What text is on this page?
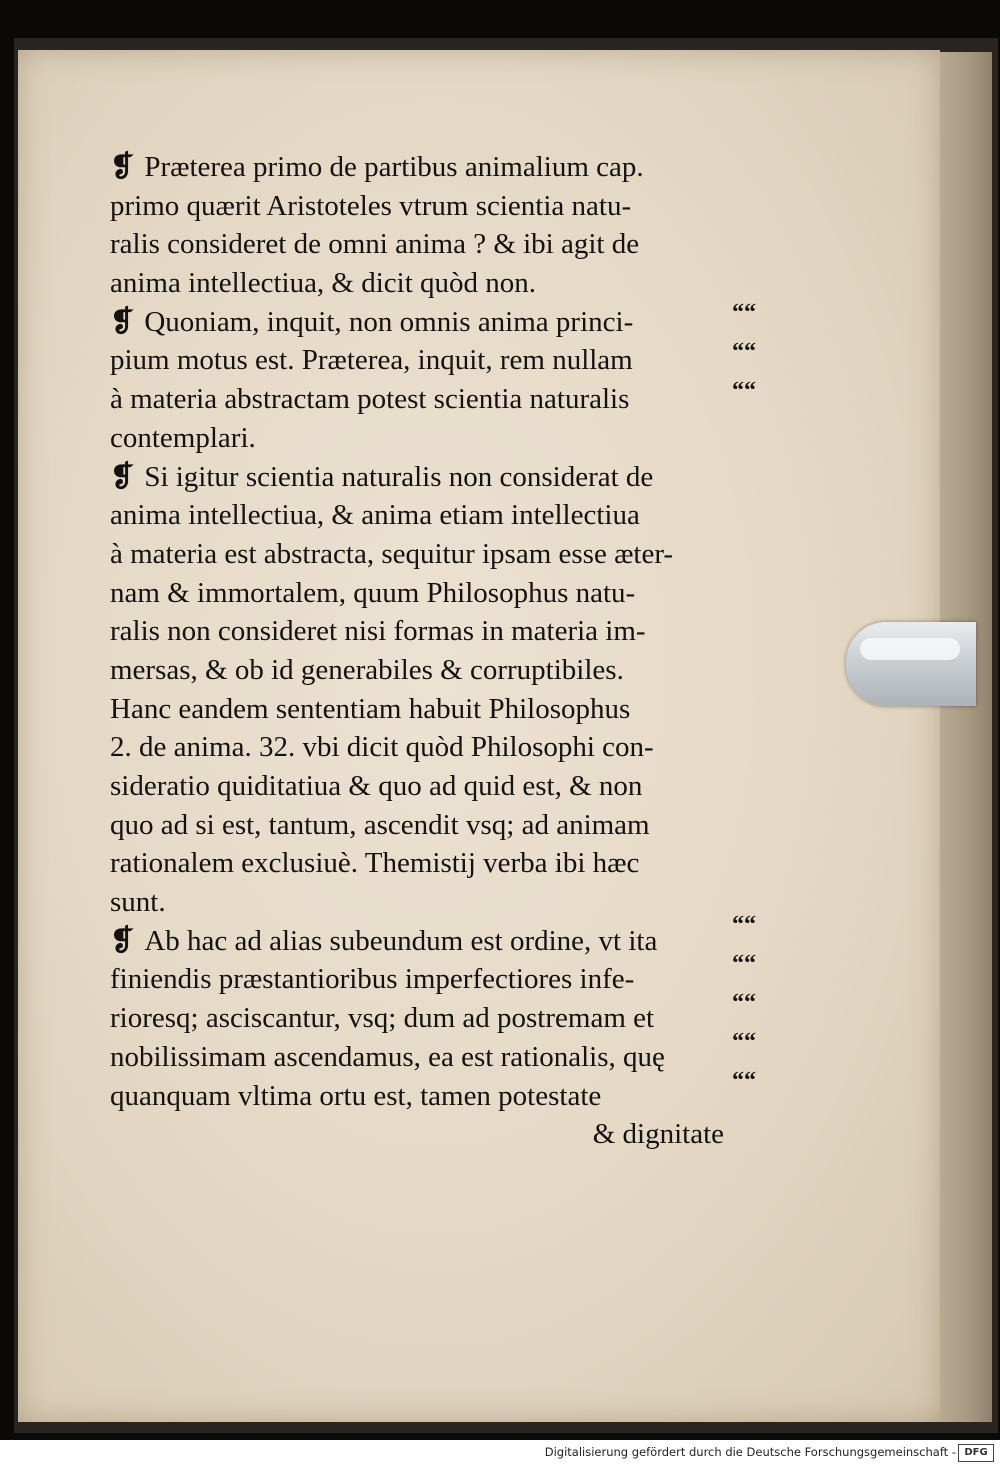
❡ Præterea primo de partibus animalium cap.
primo quærit Aristoteles vtrum scientia natu-
ralis consideret de omni anima ? & ibi agit de
anima intellectiua, & dicit quòd non.
❡ Quoniam, inquit, non omnis anima princi-
pium motus est. Præterea, inquit, rem nullam
à materia abstractam potest scientia naturalis
contemplari.
❡ Si igitur scientia naturalis non considerat de
anima intellectiua, & anima etiam intellectiua
à materia est abstracta, sequitur ipsam esse æter-
nam & immortalem, quum Philosophus natu-
ralis non consideret nisi formas in materia im-
mersas, & ob id generabiles & corruptibiles.
Hanc eandem sententiam habuit Philosophus
2. de anima. 32. vbi dicit quòd Philosophi con-
sideratio quiditatiua & quo ad quid est, & non
quo ad si est, tantum, ascendit vsq; ad animam
rationalem exclusiuè. Themistij verba ibi hæc
sunt.
❡ Ab hac ad alias subeundum est ordine, vt ita
finiendis præstantioribus imperfectiores infe-
rioresq; asciscantur, vsq; dum ad postremam et
nobilissimam ascendamus, ea est rationalis, quę
quanquam vltima ortu est, tamen potestate
& dignitate
““
““
““
““
““
““
““
““
Digitalisierung gefördert durch die Deutsche Forschungsgemeinschaft - DFG
